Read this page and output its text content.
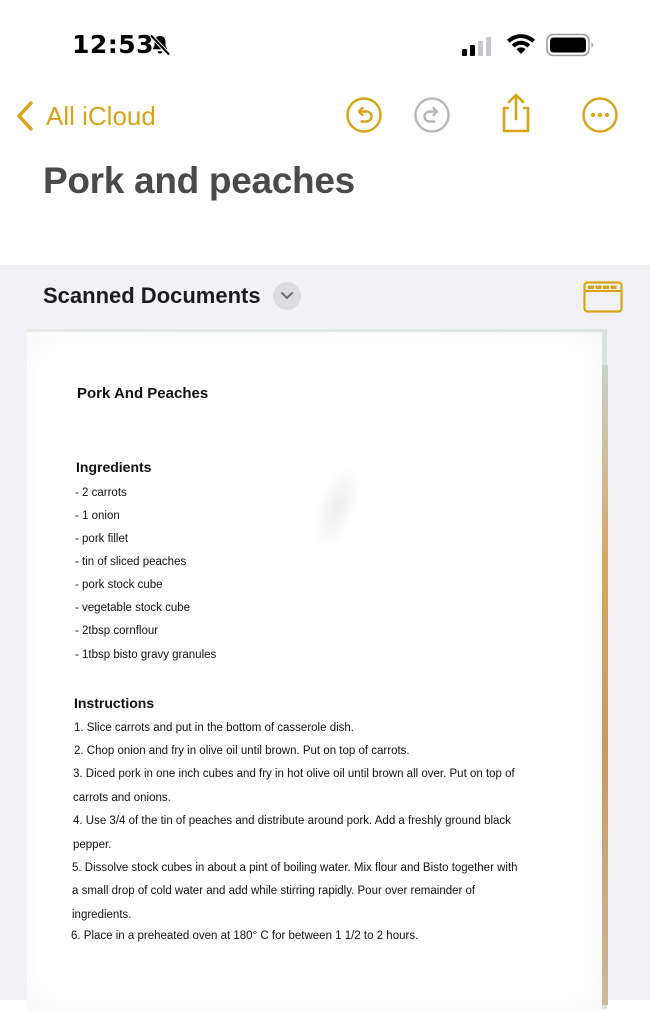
12:53
All iCloud
Pork and peaches
Scanned Documents
Pork And Peaches
Ingredients
- 2 carrots
- 1 onion
- pork fillet
- tin of sliced peaches
- pork stock cube
- vegetable stock cube
- 2tbsp cornflour
- 1tbsp bisto gravy granules
Instructions
1. Slice carrots and put in the bottom of casserole dish.
2. Chop onion and fry in olive oil until brown. Put on top of carrots.
3. Diced pork in one inch cubes and fry in hot olive oil until brown all over. Put on top of
carrots and onions.
4. Use 3/4 of the tin of peaches and distribute around pork. Add a freshly ground black
pepper.
5. Dissolve stock cubes in about a pint of boiling water. Mix flour and Bisto together with
a small drop of cold water and add while stirring rapidly. Pour over remainder of
ingredients.
6. Place in a preheated oven at 180° C for between 1 1/2 to 2 hours.
